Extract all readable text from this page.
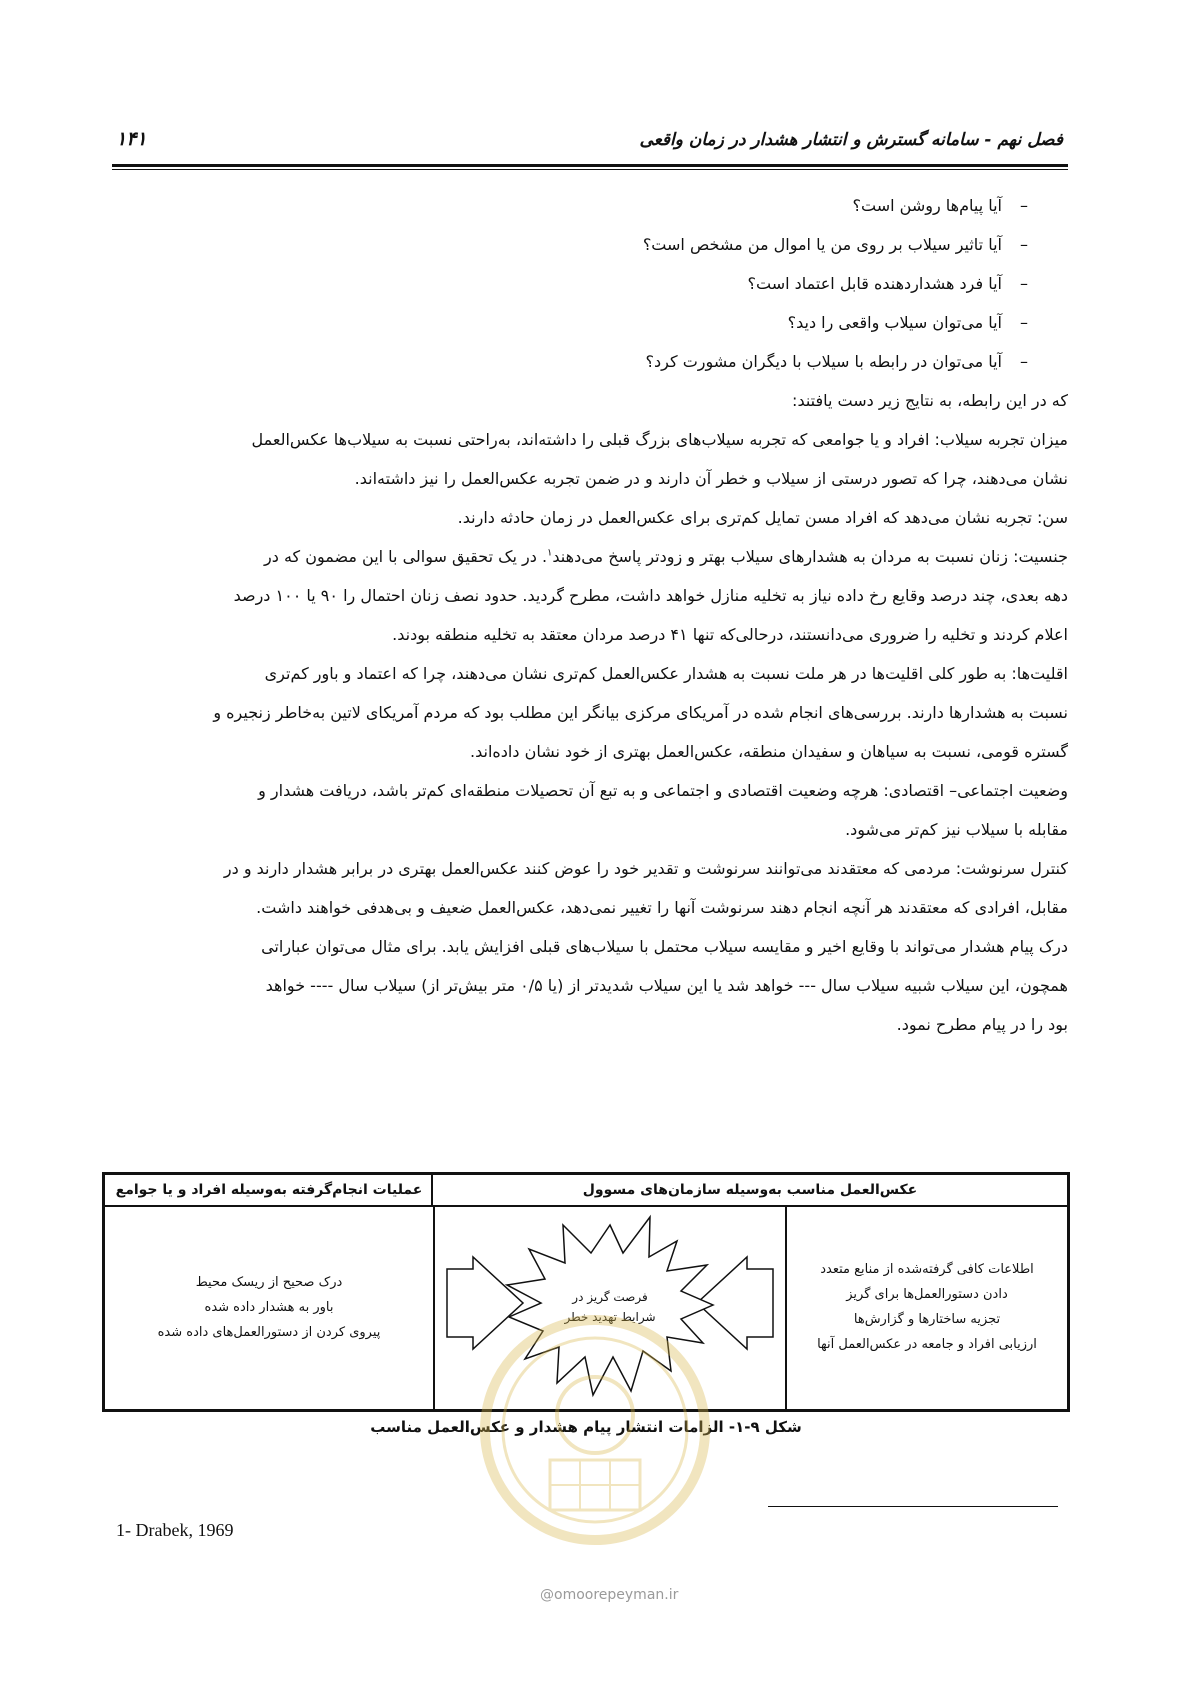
فصل نهم - سامانه گسترش و انتشار هشدار در زمان واقعی
۱۴۱
–
آیا پیام‌ها روشن است؟
–
آیا تاثیر سیلاب بر روی من یا اموال من مشخص است؟
–
آیا فرد هشداردهنده قابل اعتماد است؟
–
آیا می‌توان سیلاب واقعی را دید؟
–
آیا می‌توان در رابطه با سیلاب با دیگران مشورت کرد؟
که در این رابطه، به نتایج زیر دست یافتند:
میزان تجربه سیلاب: افراد و یا جوامعی که تجربه سیلاب‌های بزرگ قبلی را داشته‌اند، به‌راحتی نسبت به سیلاب‌ها عکس‌العمل
نشان می‌دهند، چرا که تصور درستی از سیلاب و خطر آن دارند و در ضمن تجربه عکس‌العمل را نیز داشته‌اند.
سن: تجربه نشان می‌دهد که افراد مسن تمایل کم‌تری برای عکس‌العمل در زمان حادثه دارند.
جنسیت: زنان نسبت به مردان به هشدارهای سیلاب بهتر و زودتر پاسخ می‌دهند$^۱$. در یک تحقیق سوالی با این مضمون که در
دهه بعدی، چند درصد وقایع رخ داده نیاز به تخلیه منازل خواهد داشت، مطرح گردید. حدود نصف زنان احتمال را ۹۰ یا ۱۰۰ درصد
اعلام کردند و تخلیه را ضروری می‌دانستند، درحالی‌که تنها ۴۱ درصد مردان معتقد به تخلیه منطقه بودند.
اقلیت‌ها: به طور کلی اقلیت‌ها در هر ملت نسبت به هشدار عکس‌العمل کم‌تری نشان می‌دهند، چرا که اعتماد و باور کم‌تری
نسبت به هشدارها دارند. بررسی‌های انجام شده در آمریکای مرکزی بیانگر این مطلب بود که مردم آمریکای لاتین به‌خاطر زنجیره و
گستره قومی، نسبت به سیاهان و سفیدان منطقه، عکس‌العمل بهتری از خود نشان داده‌اند.
وضعیت اجتماعی– اقتصادی: هرچه وضعیت اقتصادی و اجتماعی و به تبع آن تحصیلات منطقه‌ای کم‌تر باشد، دریافت هشدار و
مقابله با سیلاب نیز کم‌تر می‌شود.
کنترل سرنوشت: مردمی که معتقدند می‌توانند سرنوشت و تقدیر خود را عوض کنند عکس‌العمل بهتری در برابر هشدار دارند و در
مقابل، افرادی که معتقدند هر آنچه انجام دهند سرنوشت آنها را تغییر نمی‌دهد، عکس‌العمل ضعیف و بی‌هدفی خواهند داشت.
درک پیام هشدار می‌تواند با وقایع اخیر و مقایسه سیلاب محتمل با سیلاب‌های قبلی افزایش یابد. برای مثال می‌توان عباراتی
همچون، این سیلاب شبیه سیلاب سال --- خواهد شد یا این سیلاب شدیدتر از (یا ۰/۵ متر بیش‌تر از) سیلاب سال ---- خواهد
بود را در پیام مطرح نمود.
عکس‌العمل مناسب به‌وسیله سازمان‌های مسوول
عملیات انجام‌گرفته به‌وسیله افراد و یا جوامع
اطلاعات کافی گرفته‌شده از منابع متعدد
دادن دستورالعمل‌ها برای گریز
تجزیه ساختارها و گزارش‌ها
ارزیابی افراد و جامعه در عکس‌العمل آنها
فرصت گریز در
شرایط تهدید خطر
درک صحیح از ریسک محیط
باور به هشدار داده شده
پیروی کردن از دستورالعمل‌های داده شده
شکل ۹-۱- الزامات انتشار پیام هشدار و عکس‌العمل مناسب
@omoorepeyman.ir
1- Drabek, 1969
